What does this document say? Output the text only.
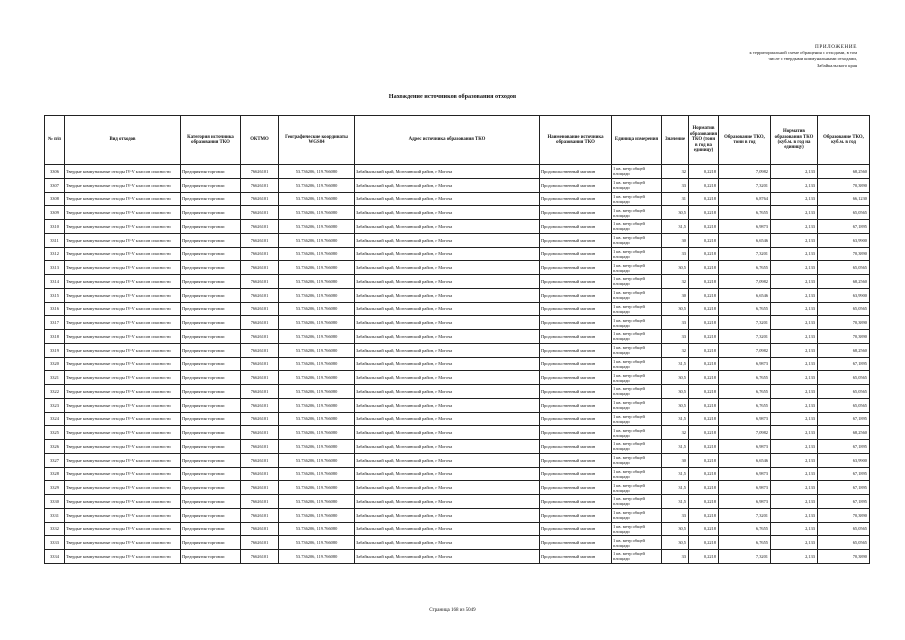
ПРИЛОЖЕНИЕ
к территориальной схеме обращения с отходами, в том
числе с твердыми коммунальными отходами,
Забайкальского края
Нахождение источников образования отходов
№ п/п	Вид отходов	Категория источника образования ТКО	ОКТМО	Географические координаты WGS84	Адрес источника образования ТКО	Наименование источника образования ТКО	Единица измерения	Значение	Норматив образования ТКО (тонн в год на единицу)	Образование ТКО, тонн в год	Норматив образования ТКО (куб.м. в год на единицу)	Образование ТКО, куб.м. в год
3306	Твердые коммунальные отходы IV-V классов опасности	Предприятия торговли	76626101	53.736206, 119.766080	Забайкальский край, Могочинский район, г Могоча	Продовольственный магазин	1 кв. метр общей площади	32	0,2218	7,0982	2,133	68,2560
3307	Твердые коммунальные отходы IV-V классов опасности	Предприятия торговли	76626101	53.736206, 119.766080	Забайкальский край, Могочинский район, г Могоча	Продовольственный магазин	1 кв. метр общей площади	33	0,2218	7,3201	2,133	70,3890
3308	Твердые коммунальные отходы IV-V классов опасности	Предприятия торговли	76626101	53.736206, 119.766080	Забайкальский край, Могочинский район, г Могоча	Продовольственный магазин	1 кв. метр общей площади	31	0,2218	6,8764	2,133	66,1230
3309	Твердые коммунальные отходы IV-V классов опасности	Предприятия торговли	76626101	53.736206, 119.766080	Забайкальский край, Могочинский район, г Могоча	Продовольственный магазин	1 кв. метр общей площади	30,5	0,2218	6,7655	2,133	65,0565
3310	Твердые коммунальные отходы IV-V классов опасности	Предприятия торговли	76626101	53.736206, 119.766080	Забайкальский край, Могочинский район, г Могоча	Продовольственный магазин	1 кв. метр общей площади	31,5	0,2218	6,9873	2,133	67,1895
3311	Твердые коммунальные отходы IV-V классов опасности	Предприятия торговли	76626101	53.736206, 119.766080	Забайкальский край, Могочинский район, г Могоча	Продовольственный магазин	1 кв. метр общей площади	30	0,2218	6,6546	2,133	63,9900
3312	Твердые коммунальные отходы IV-V классов опасности	Предприятия торговли	76626101	53.736206, 119.766080	Забайкальский край, Могочинский район, г Могоча	Продовольственный магазин	1 кв. метр общей площади	33	0,2218	7,3201	2,133	70,3890
3313	Твердые коммунальные отходы IV-V классов опасности	Предприятия торговли	76626101	53.736206, 119.766080	Забайкальский край, Могочинский район, г Могоча	Продовольственный магазин	1 кв. метр общей площади	30,5	0,2218	6,7655	2,133	65,0565
3314	Твердые коммунальные отходы IV-V классов опасности	Предприятия торговли	76626101	53.736206, 119.766080	Забайкальский край, Могочинский район, г Могоча	Продовольственный магазин	1 кв. метр общей площади	32	0,2218	7,0982	2,133	68,2560
3315	Твердые коммунальные отходы IV-V классов опасности	Предприятия торговли	76626101	53.736206, 119.766080	Забайкальский край, Могочинский район, г Могоча	Продовольственный магазин	1 кв. метр общей площади	30	0,2218	6,6546	2,133	63,9900
3316	Твердые коммунальные отходы IV-V классов опасности	Предприятия торговли	76626101	53.736206, 119.766080	Забайкальский край, Могочинский район, г Могоча	Продовольственный магазин	1 кв. метр общей площади	30,5	0,2218	6,7655	2,133	65,0565
3317	Твердые коммунальные отходы IV-V классов опасности	Предприятия торговли	76626101	53.736206, 119.766080	Забайкальский край, Могочинский район, г Могоча	Продовольственный магазин	1 кв. метр общей площади	33	0,2218	7,3201	2,133	70,3890
3318	Твердые коммунальные отходы IV-V классов опасности	Предприятия торговли	76626101	53.736206, 119.766080	Забайкальский край, Могочинский район, г Могоча	Продовольственный магазин	1 кв. метр общей площади	33	0,2218	7,3201	2,133	70,3890
3319	Твердые коммунальные отходы IV-V классов опасности	Предприятия торговли	76626101	53.736206, 119.766080	Забайкальский край, Могочинский район, г Могоча	Продовольственный магазин	1 кв. метр общей площади	32	0,2218	7,0982	2,133	68,2560
3320	Твердые коммунальные отходы IV-V классов опасности	Предприятия торговли	76626101	53.736206, 119.766080	Забайкальский край, Могочинский район, г Могоча	Продовольственный магазин	1 кв. метр общей площади	31,5	0,2218	6,9873	2,133	67,1895
3321	Твердые коммунальные отходы IV-V классов опасности	Предприятия торговли	76626101	53.736206, 119.766080	Забайкальский край, Могочинский район, г Могоча	Продовольственный магазин	1 кв. метр общей площади	30,5	0,2218	6,7655	2,133	65,0565
3322	Твердые коммунальные отходы IV-V классов опасности	Предприятия торговли	76626101	53.736206, 119.766080	Забайкальский край, Могочинский район, г Могоча	Продовольственный магазин	1 кв. метр общей площади	30,5	0,2218	6,7655	2,133	65,0565
3323	Твердые коммунальные отходы IV-V классов опасности	Предприятия торговли	76626101	53.736206, 119.766080	Забайкальский край, Могочинский район, г Могоча	Продовольственный магазин	1 кв. метр общей площади	30,5	0,2218	6,7655	2,133	65,0565
3324	Твердые коммунальные отходы IV-V классов опасности	Предприятия торговли	76626101	53.736206, 119.766080	Забайкальский край, Могочинский район, г Могоча	Продовольственный магазин	1 кв. метр общей площади	31,5	0,2218	6,9873	2,133	67,1895
3325	Твердые коммунальные отходы IV-V классов опасности	Предприятия торговли	76626101	53.736206, 119.766080	Забайкальский край, Могочинский район, г Могоча	Продовольственный магазин	1 кв. метр общей площади	32	0,2218	7,0982	2,133	68,2560
3326	Твердые коммунальные отходы IV-V классов опасности	Предприятия торговли	76626101	53.736206, 119.766080	Забайкальский край, Могочинский район, г Могоча	Продовольственный магазин	1 кв. метр общей площади	31,5	0,2218	6,9873	2,133	67,1895
3327	Твердые коммунальные отходы IV-V классов опасности	Предприятия торговли	76626101	53.736206, 119.766080	Забайкальский край, Могочинский район, г Могоча	Продовольственный магазин	1 кв. метр общей площади	30	0,2218	6,6546	2,133	63,9900
3328	Твердые коммунальные отходы IV-V классов опасности	Предприятия торговли	76626101	53.736206, 119.766080	Забайкальский край, Могочинский район, г Могоча	Продовольственный магазин	1 кв. метр общей площади	31,5	0,2218	6,9873	2,133	67,1895
3329	Твердые коммунальные отходы IV-V классов опасности	Предприятия торговли	76626101	53.736206, 119.766080	Забайкальский край, Могочинский район, г Могоча	Продовольственный магазин	1 кв. метр общей площади	31,5	0,2218	6,9873	2,133	67,1895
3330	Твердые коммунальные отходы IV-V классов опасности	Предприятия торговли	76626101	53.736206, 119.766080	Забайкальский край, Могочинский район, г Могоча	Продовольственный магазин	1 кв. метр общей площади	31,5	0,2218	6,9873	2,133	67,1895
3331	Твердые коммунальные отходы IV-V классов опасности	Предприятия торговли	76626101	53.736206, 119.766080	Забайкальский край, Могочинский район, г Могоча	Продовольственный магазин	1 кв. метр общей площади	33	0,2218	7,3201	2,133	70,3890
3332	Твердые коммунальные отходы IV-V классов опасности	Предприятия торговли	76626101	53.736206, 119.766080	Забайкальский край, Могочинский район, г Могоча	Продовольственный магазин	1 кв. метр общей площади	30,5	0,2218	6,7655	2,133	65,0565
3333	Твердые коммунальные отходы IV-V классов опасности	Предприятия торговли	76626101	53.736206, 119.766080	Забайкальский край, Могочинский район, г Могоча	Продовольственный магазин	1 кв. метр общей площади	30,5	0,2218	6,7655	2,133	65,0565
3334	Твердые коммунальные отходы IV-V классов опасности	Предприятия торговли	76626101	53.736206, 119.766080	Забайкальский край, Могочинский район, г Могоча	Продовольственный магазин	1 кв. метр общей площади	33	0,2218	7,3201	2,133	70,3890
Страница 168 из 5049
